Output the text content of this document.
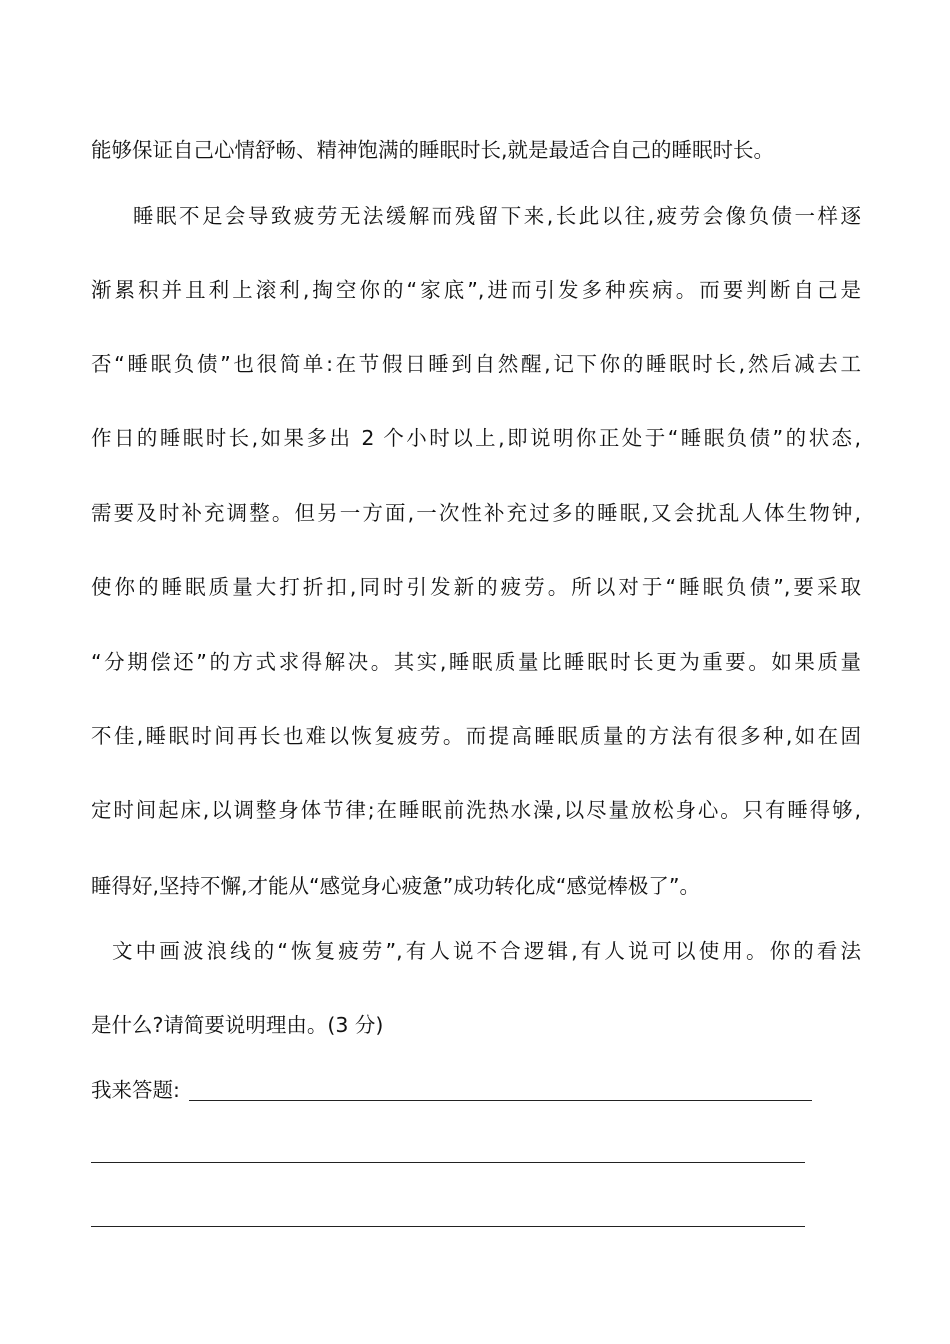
能够保证自己心情舒畅、精神饱满的睡眠时长,就是最适合自己的睡眠时长。
睡眠不足会导致疲劳无法缓解而残留下来,长此以往,疲劳会像负债一样逐
渐累积并且利上滚利,掏空你的“家底”,进而引发多种疾病。而要判断自己是
否“睡眠负债”也很简单:在节假日睡到自然醒,记下你的睡眠时长,然后减去工
作日的睡眠时长,如果多出 2 个小时以上,即说明你正处于“睡眠负债”的状态,
需要及时补充调整。但另一方面,一次性补充过多的睡眠,又会扰乱人体生物钟,
使你的睡眠质量大打折扣,同时引发新的疲劳。所以对于“睡眠负债”,要采取
“分期偿还”的方式求得解决。其实,睡眠质量比睡眠时长更为重要。如果质量
不佳,睡眠时间再长也难以恢复疲劳。而提高睡眠质量的方法有很多种,如在固
定时间起床,以调整身体节律;在睡眠前洗热水澡,以尽量放松身心。只有睡得够,
睡得好,坚持不懈,才能从“感觉身心疲惫”成功转化成“感觉棒极了”。
文中画波浪线的“恢复疲劳”,有人说不合逻辑,有人说可以使用。你的看法
是什么?请简要说明理由。(3 分)
我来答题:
